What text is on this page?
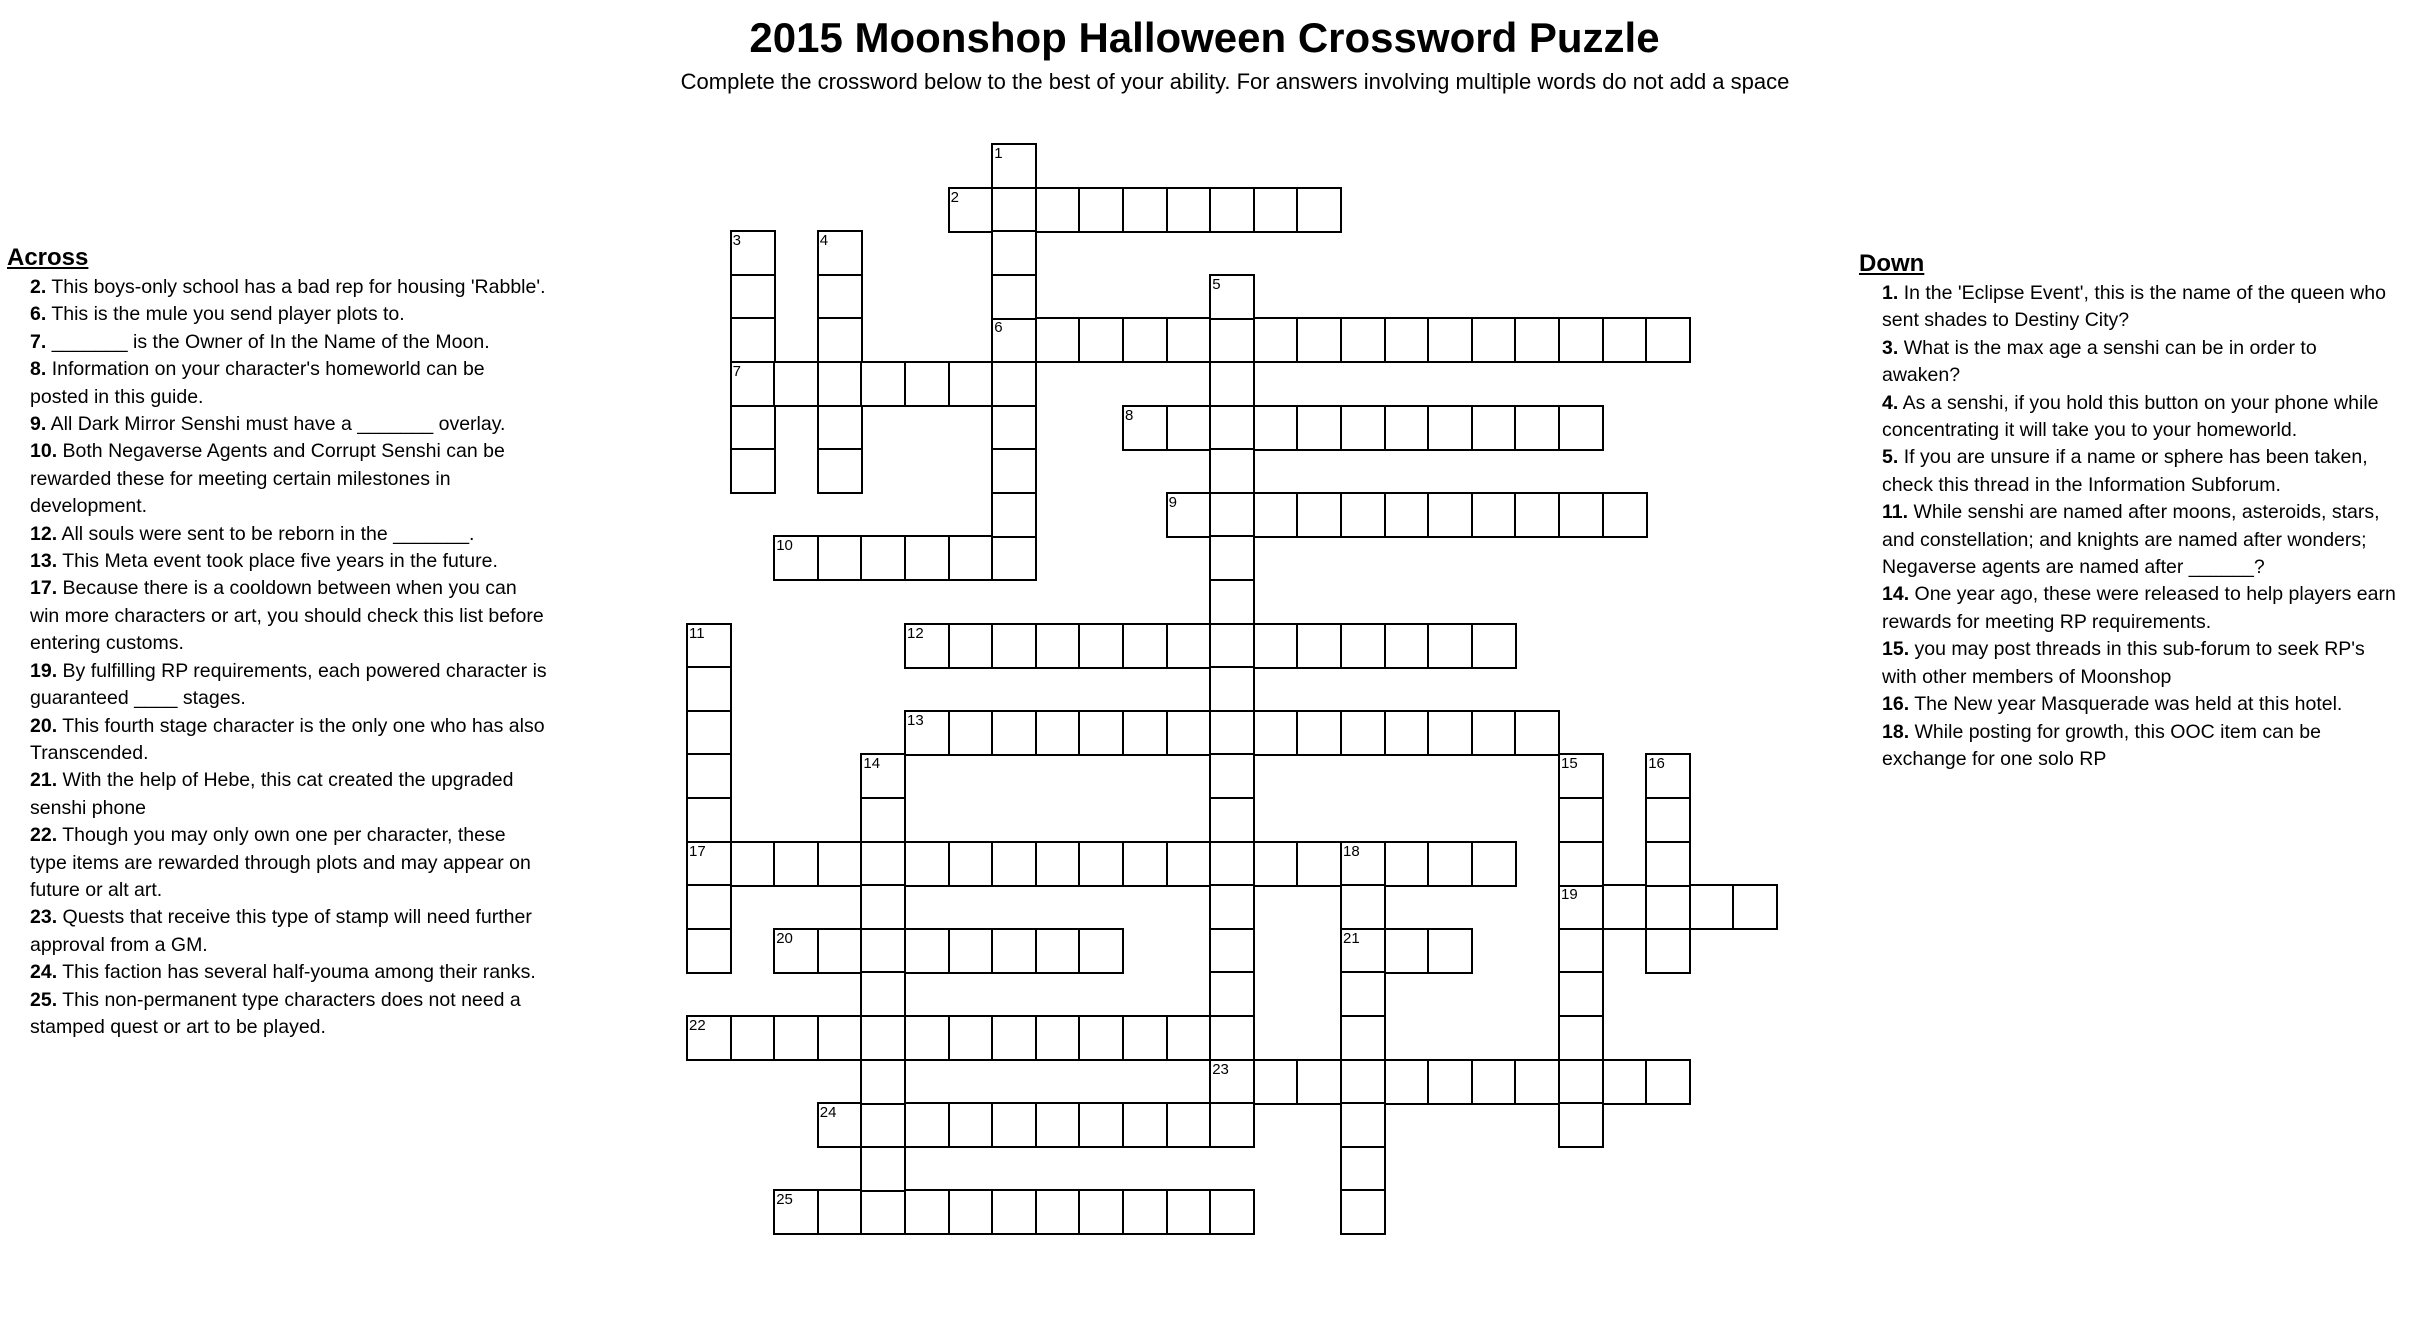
2015 Moonshop Halloween Crossword Puzzle

Complete the crossword below to the best of your ability. For answers involving multiple words do not add a space

Across
2. This boys-only school has a bad rep for housing 'Rabble'.
6. This is the mule you send player plots to.
7. _______ is the Owner of In the Name of the Moon.
8. Information on your character's homeworld can be posted in this guide.
9. All Dark Mirror Senshi must have a _______ overlay.
10. Both Negaverse Agents and Corrupt Senshi can be rewarded these for meeting certain milestones in development.
12. All souls were sent to be reborn in the _______.
13. This Meta event took place five years in the future.
17. Because there is a cooldown between when you can win more characters or art, you should check this list before entering customs.
19. By fulfilling RP requirements, each powered character is guaranteed ____ stages.
20. This fourth stage character is the only one who has also Transcended.
21. With the help of Hebe, this cat created the upgraded senshi phone
22. Though you may only own one per character, these type items are rewarded through plots and may appear on future or alt art.
23. Quests that receive this type of stamp will need further approval from a GM.
24. This faction has several half-youma among their ranks.
25. This non-permanent type characters does not need a stamped quest or art to be played.
2
6
7
8
9
10
12
13
17
19
20	21
22
23
24
25
1
3	4
5
11
14	15	16
18
Down
1. In the 'Eclipse Event', this is the name of the queen who sent shades to Destiny City?
3. What is the max age a senshi can be in order to awaken?
4. As a senshi, if you hold this button on your phone while concentrating it will take you to your homeworld.
5. If you are unsure if a name or sphere has been taken, check this thread in the Information Subforum.
11. While senshi are named after moons, asteroids, stars, and constellation; and knights are named after wonders; Negaverse agents are named after ______?
14. One year ago, these were released to help players earn rewards for meeting RP requirements.
15. you may post threads in this sub-forum to seek RP's with other members of Moonshop
16. The New year Masquerade was held at this hotel.
18. While posting for growth, this OOC item can be exchange for one solo RP
